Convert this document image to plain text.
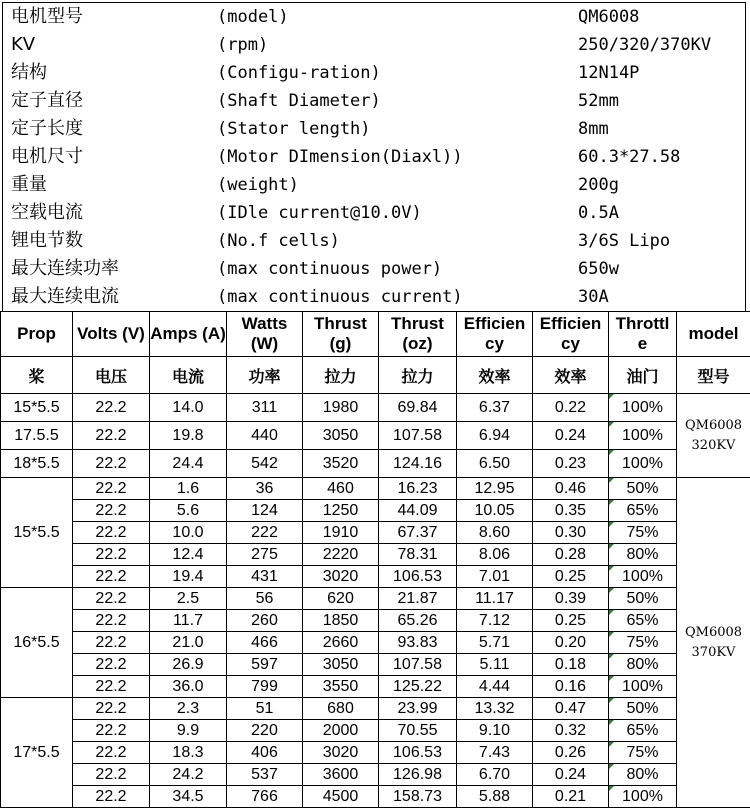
电机型号	(model)	QM6008
KV	(rpm)	250/320/370KV
结构	(Configu-ration)	12N14P
定子直径	(Shaft Diameter)	52mm
定子长度	(Stator length)	8mm
电机尺寸	(Motor DImension(Diaxl))	60.3*27.58
重量	(weight)	200g
空载电流	(IDle current@10.0V)	0.5A
锂电节数	(No.f cells)	3/6S Lipo
最大连续功率	(max continuous power)	650w
最大连续电流	(max continuous current)	30A
Prop	Volts (V)	Amps (A)	Watts (W)	Thrust (g)	Thrust (oz)	Efficien cy	Efficien cy	Throttl e	model
桨	电压	电流	功率	拉力	拉力	效率	效率	油门	型号
15*5.5	22.2	14.0	311	1980	69.84	6.37	0.22	100%	QM6008 320KV
17.5.5	22.2	19.8	440	3050	107.58	6.94	0.24	100%	
18*5.5	22.2	24.4	542	3520	124.16	6.50	0.23	100%	
15*5.5	22.2	1.6	36	460	16.23	12.95	0.46	50%	QM6008 370KV
	22.2	5.6	124	1250	44.09	10.05	0.35	65%	
	22.2	10.0	222	1910	67.37	8.60	0.30	75%	
	22.2	12.4	275	2220	78.31	8.06	0.28	80%	
	22.2	19.4	431	3020	106.53	7.01	0.25	100%	
16*5.5	22.2	2.5	56	620	21.87	11.17	0.39	50%	
	22.2	11.7	260	1850	65.26	7.12	0.25	65%	
	22.2	21.0	466	2660	93.83	5.71	0.20	75%	
	22.2	26.9	597	3050	107.58	5.11	0.18	80%	
	22.2	36.0	799	3550	125.22	4.44	0.16	100%	
17*5.5	22.2	2.3	51	680	23.99	13.32	0.47	50%	
	22.2	9.9	220	2000	70.55	9.10	0.32	65%	
	22.2	18.3	406	3020	106.53	7.43	0.26	75%	
	22.2	24.2	537	3600	126.98	6.70	0.24	80%	
	22.2	34.5	766	4500	158.73	5.88	0.21	100%	
